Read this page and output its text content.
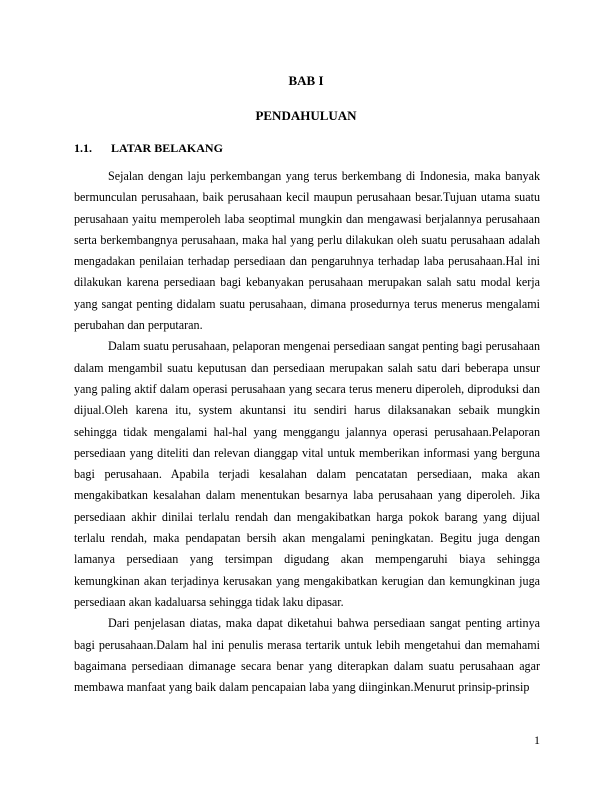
BAB I
PENDAHULUAN
1.1. LATAR BELAKANG

Sejalan dengan laju perkembangan yang terus berkembang di Indonesia, maka banyak bermunculan perusahaan, baik perusahaan kecil maupun perusahaan besar.Tujuan utama suatu perusahaan yaitu memperoleh laba seoptimal mungkin dan mengawasi berjalannya perusahaan serta berkembangnya perusahaan, maka hal yang perlu dilakukan oleh suatu perusahaan adalah mengadakan penilaian terhadap persediaan dan pengaruhnya terhadap laba perusahaan.Hal ini dilakukan karena persediaan bagi kebanyakan perusahaan merupakan salah satu modal kerja yang sangat penting didalam suatu perusahaan, dimana prosedurnya terus menerus mengalami perubahan dan perputaran.

Dalam suatu perusahaan, pelaporan mengenai persediaan sangat penting bagi perusahaan dalam mengambil suatu keputusan dan persediaan merupakan salah satu dari beberapa unsur yang paling aktif dalam operasi perusahaan yang secara terus meneru diperoleh, diproduksi dan dijual.Oleh karena itu, system akuntansi itu sendiri harus dilaksanakan sebaik mungkin sehingga tidak mengalami hal-hal yang menggangu jalannya operasi perusahaan.Pelaporan persediaan yang diteliti dan relevan dianggap vital untuk memberikan informasi yang berguna bagi perusahaan. Apabila terjadi kesalahan dalam pencatatan persediaan, maka akan mengakibatkan kesalahan dalam menentukan besarnya laba perusahaan yang diperoleh. Jika persediaan akhir dinilai terlalu rendah dan mengakibatkan harga pokok barang yang dijual terlalu rendah, maka pendapatan bersih akan mengalami peningkatan. Begitu juga dengan lamanya persediaan yang tersimpan digudang akan mempengaruhi biaya sehingga kemungkinan akan terjadinya kerusakan yang mengakibatkan kerugian dan kemungkinan juga persediaan akan kadaluarsa sehingga tidak laku dipasar.

Dari penjelasan diatas, maka dapat diketahui bahwa persediaan sangat penting artinya bagi perusahaan.Dalam hal ini penulis merasa tertarik untuk lebih mengetahui dan memahami bagaimana persediaan dimanage secara benar yang diterapkan dalam suatu perusahaan agar membawa manfaat yang baik dalam pencapaian laba yang diinginkan.Menurut prinsip-prinsip

1
